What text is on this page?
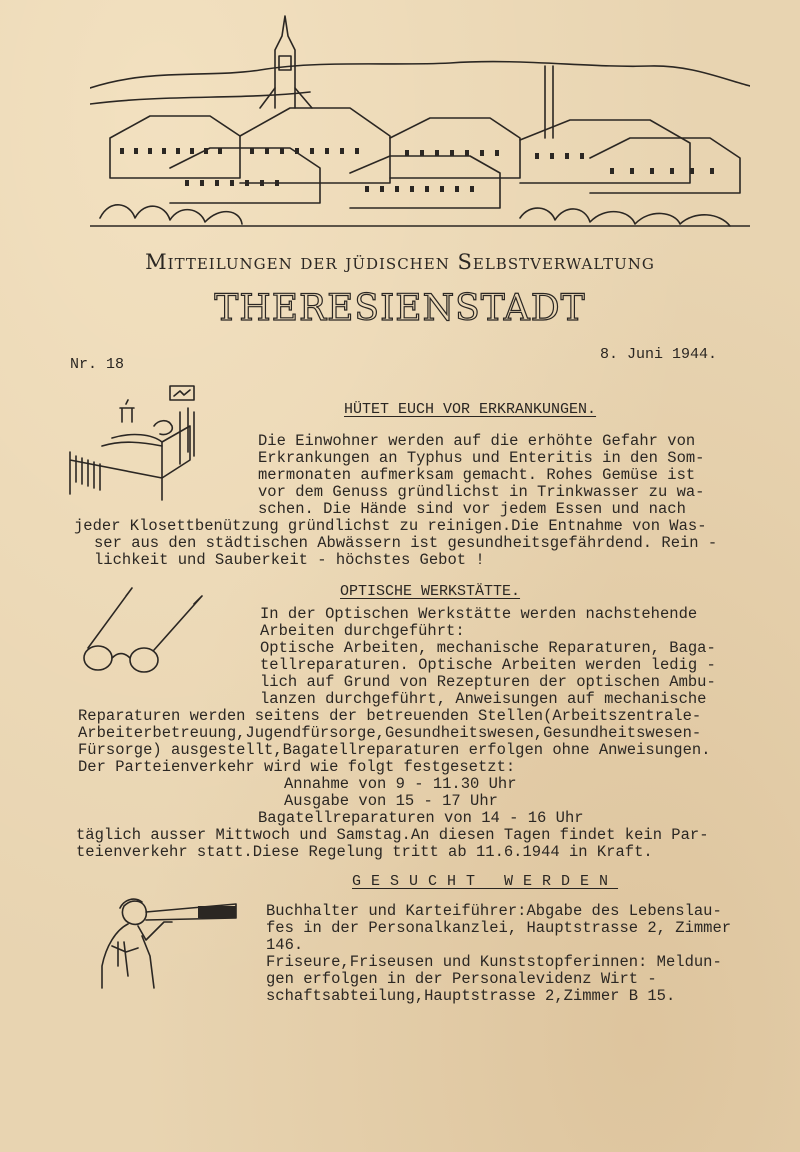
Mitteilungen der jüdischen Selbstverwaltung
THERESIENSTADT
Nr. 18
8. Juni 1944.
HÜTET EUCH VOR ERKRANKUNGEN.
Die Einwohner werden auf die erhöhte Gefahr von
Erkrankungen an Typhus und Enteritis in den Som-
mermonaten aufmerksam gemacht. Rohes Gemüse ist
vor dem Genuss gründlichst in Trinkwasser zu wa-
schen. Die Hände sind vor jedem Essen und nach
jeder Klosettbenützung gründlichst zu reinigen.Die Entnahme von Was-
ser aus den städtischen Abwässern ist gesundheitsgefährdend. Rein -
lichkeit und Sauberkeit - höchstes Gebot !
OPTISCHE WERKSTÄTTE.
In der Optischen Werkstätte werden nachstehende
Arbeiten durchgeführt:
Optische Arbeiten, mechanische Reparaturen, Baga-
tellreparaturen. Optische Arbeiten werden ledig -
lich auf Grund von Rezepturen der optischen Ambu-
lanzen durchgeführt, Anweisungen auf mechanische
Reparaturen werden seitens der betreuenden Stellen(Arbeitszentrale-
Arbeiterbetreuung,Jugendfürsorge,Gesundheitswesen,Gesundheitswesen-
Fürsorge) ausgestellt,Bagatellreparaturen erfolgen ohne Anweisungen.
Der Parteienverkehr wird wie folgt festgesetzt:
Annahme von 9 - 11.30 Uhr
Ausgabe von 15 - 17 Uhr
Bagatellreparaturen von 14 - 16 Uhr
täglich ausser Mittwoch und Samstag.An diesen Tagen findet kein Par-
teienverkehr statt.Diese Regelung tritt ab 11.6.1944 in Kraft.
GESUCHT WERDEN
Buchhalter und Karteiführer:Abgabe des Lebenslau-
fes in der Personalkanzlei, Hauptstrasse 2, Zimmer
146.
Friseure,Friseusen und Kunststopferinnen: Meldun-
gen erfolgen in der Personalevidenz Wirt -
schaftsabteilung,Hauptstrasse 2,Zimmer B 15.
